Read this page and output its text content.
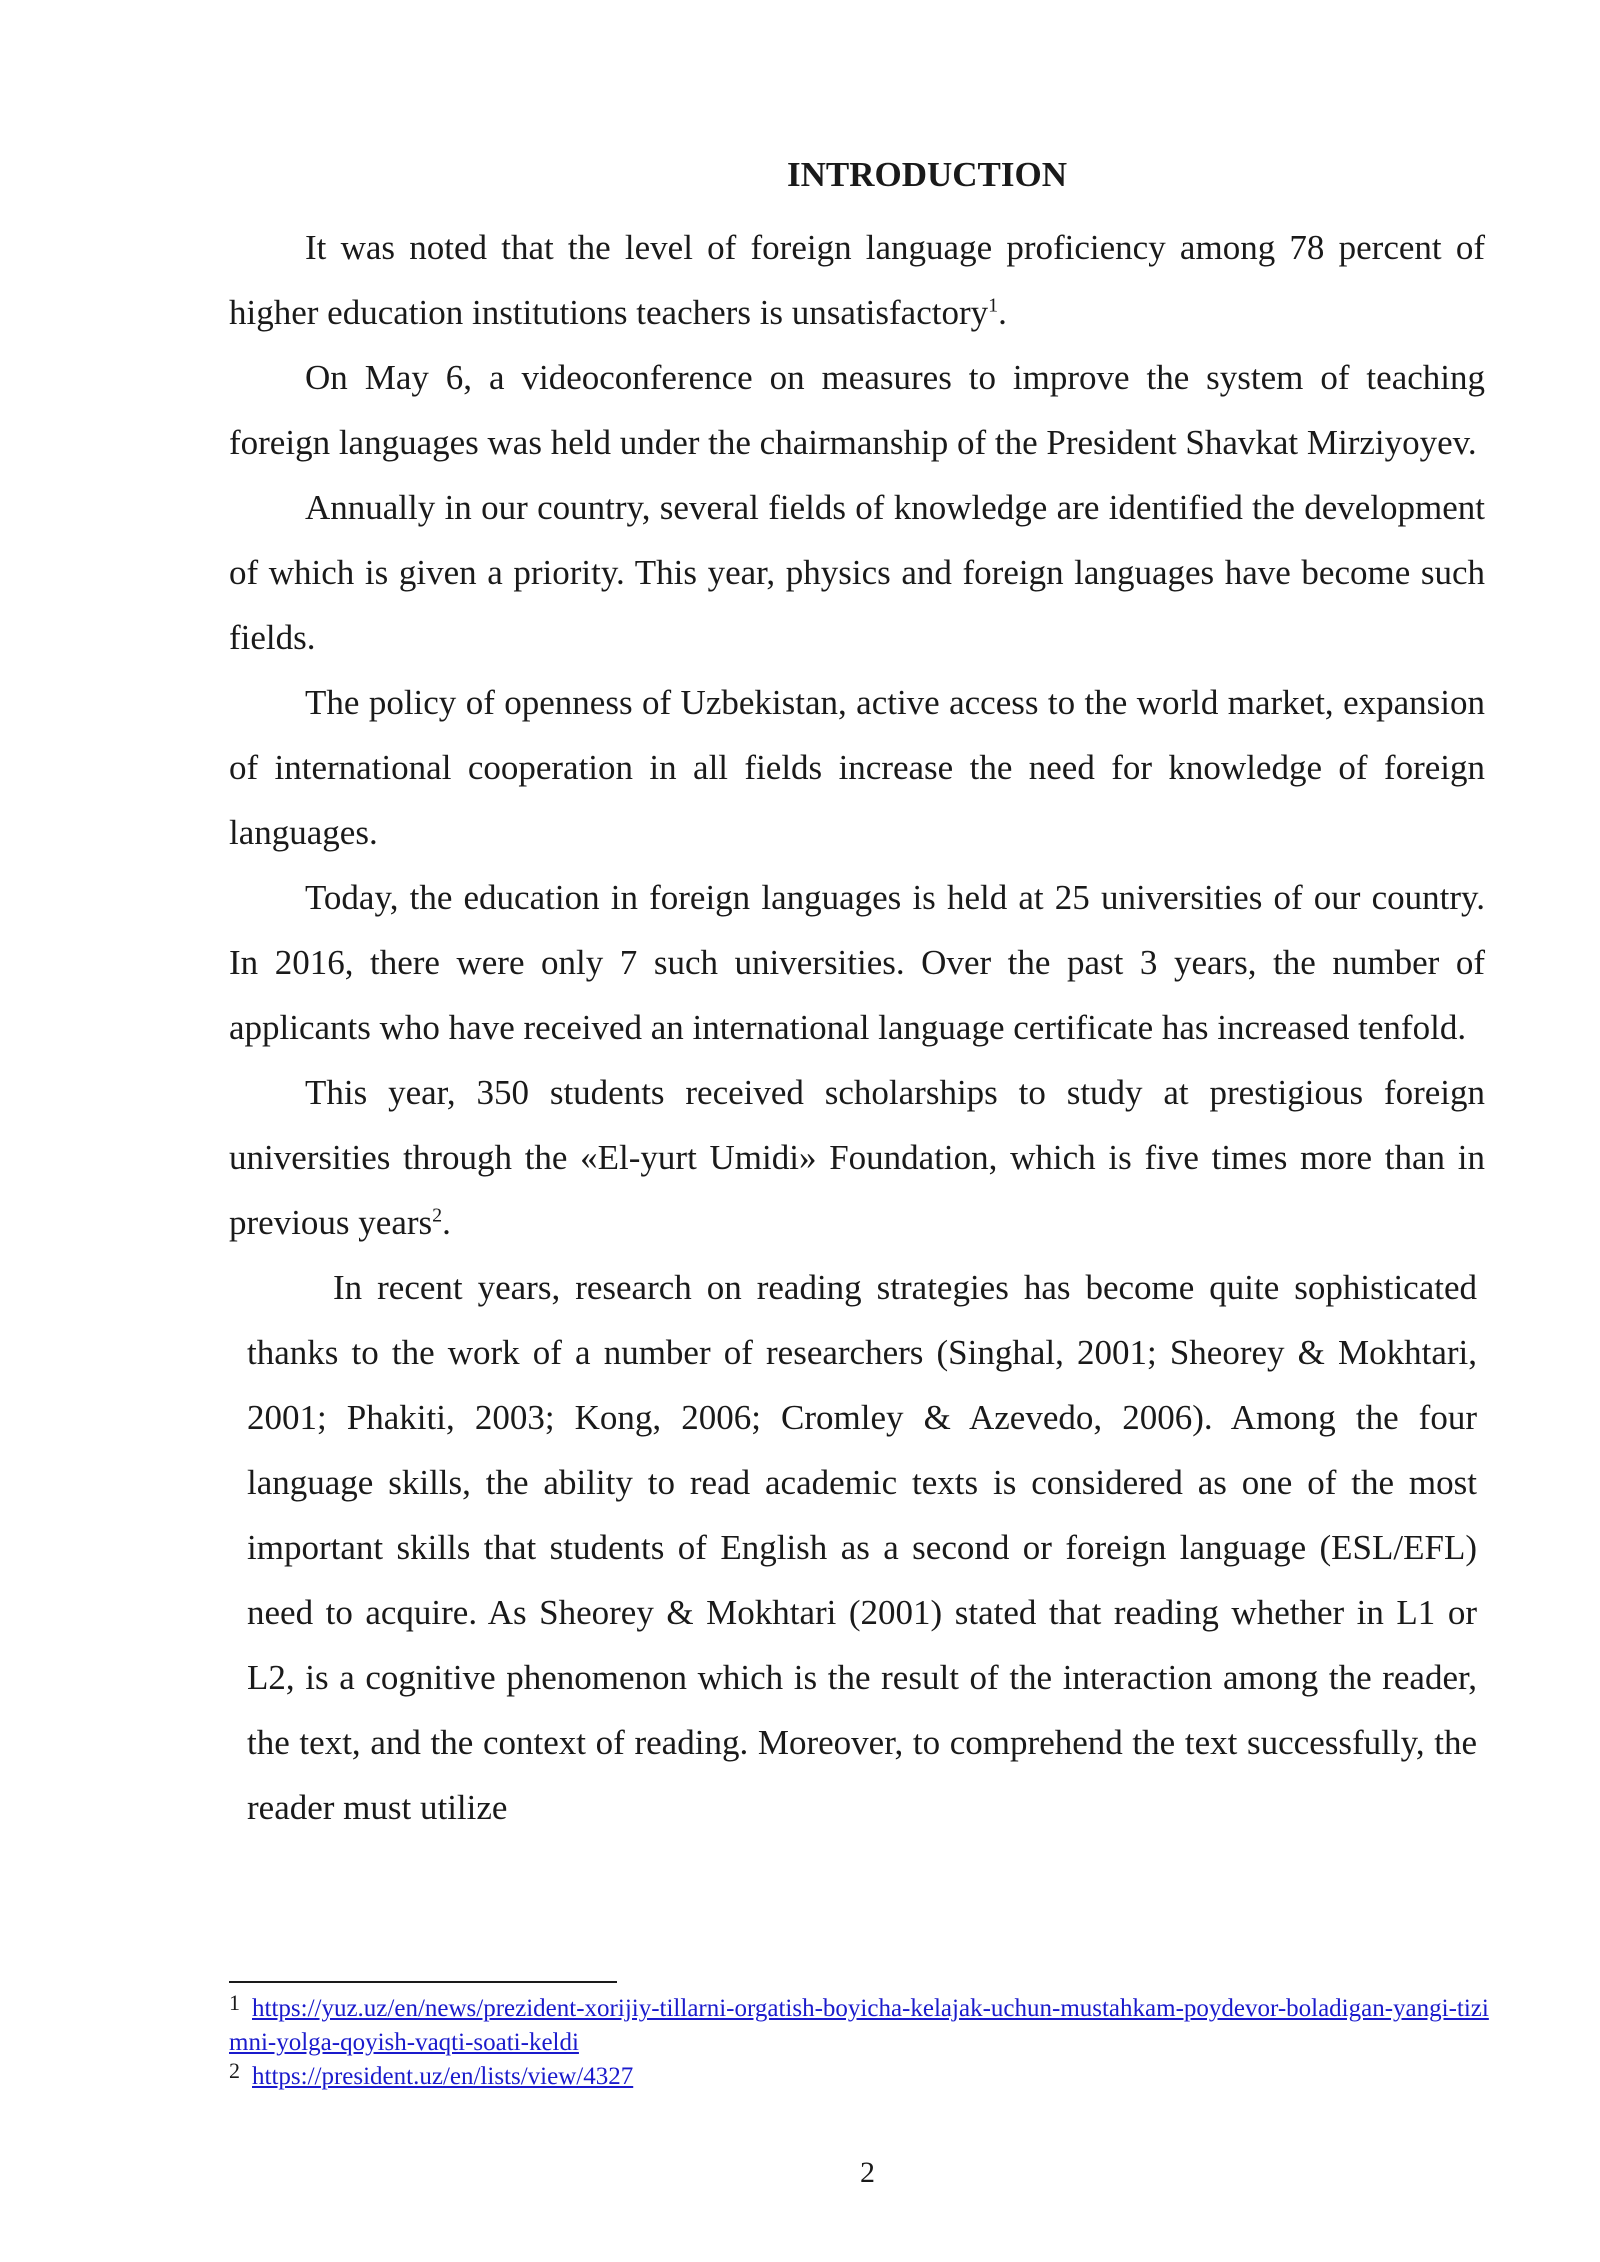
INTRODUCTION

It was noted that the level of foreign language proficiency among 78 percent of higher education institutions teachers is unsatisfactory$^1$.

On May 6, a videoconference on measures to improve the system of teaching foreign languages was held under the chairmanship of the President Shavkat Mirziyoyev.

Annually in our country, several fields of knowledge are identified the development of which is given a priority. This year, physics and foreign languages have become such fields.

The policy of openness of Uzbekistan, active access to the world market, expansion of international cooperation in all fields increase the need for knowledge of foreign languages.

Today, the education in foreign languages is held at 25 universities of our country. In 2016, there were only 7 such universities. Over the past 3 years, the number of applicants who have received an international language certificate has increased tenfold.

This year, 350 students received scholarships to study at prestigious foreign universities through the «El-yurt Umidi» Foundation, which is five times more than in previous years$^2$.

In recent years, research on reading strategies has become quite sophisticated thanks to the work of a number of researchers (Singhal, 2001; Sheorey & Mokhtari, 2001; Phakiti, 2003; Kong, 2006; Cromley & Azevedo, 2006). Among the four language skills, the ability to read academic texts is considered as one of the most important skills that students of English as a second or foreign language (ESL/EFL) need to acquire. As Sheorey & Mokhtari (2001) stated that reading whether in L1 or L2, is a cognitive phenomenon which is the result of the interaction among the reader, the text, and the context of reading. Moreover, to comprehend the text successfully, the reader must utilize

$^1$ https://yuz.uz/en/news/prezident-xorijiy-tillarni-orgatish-boyicha-kelajak-uchun-mustahkam-poydevor-boladigan-yangi-tizimni-yolga-qoyish-vaqti-soati-keldi

$^2$ https://president.uz/en/lists/view/4327

2
